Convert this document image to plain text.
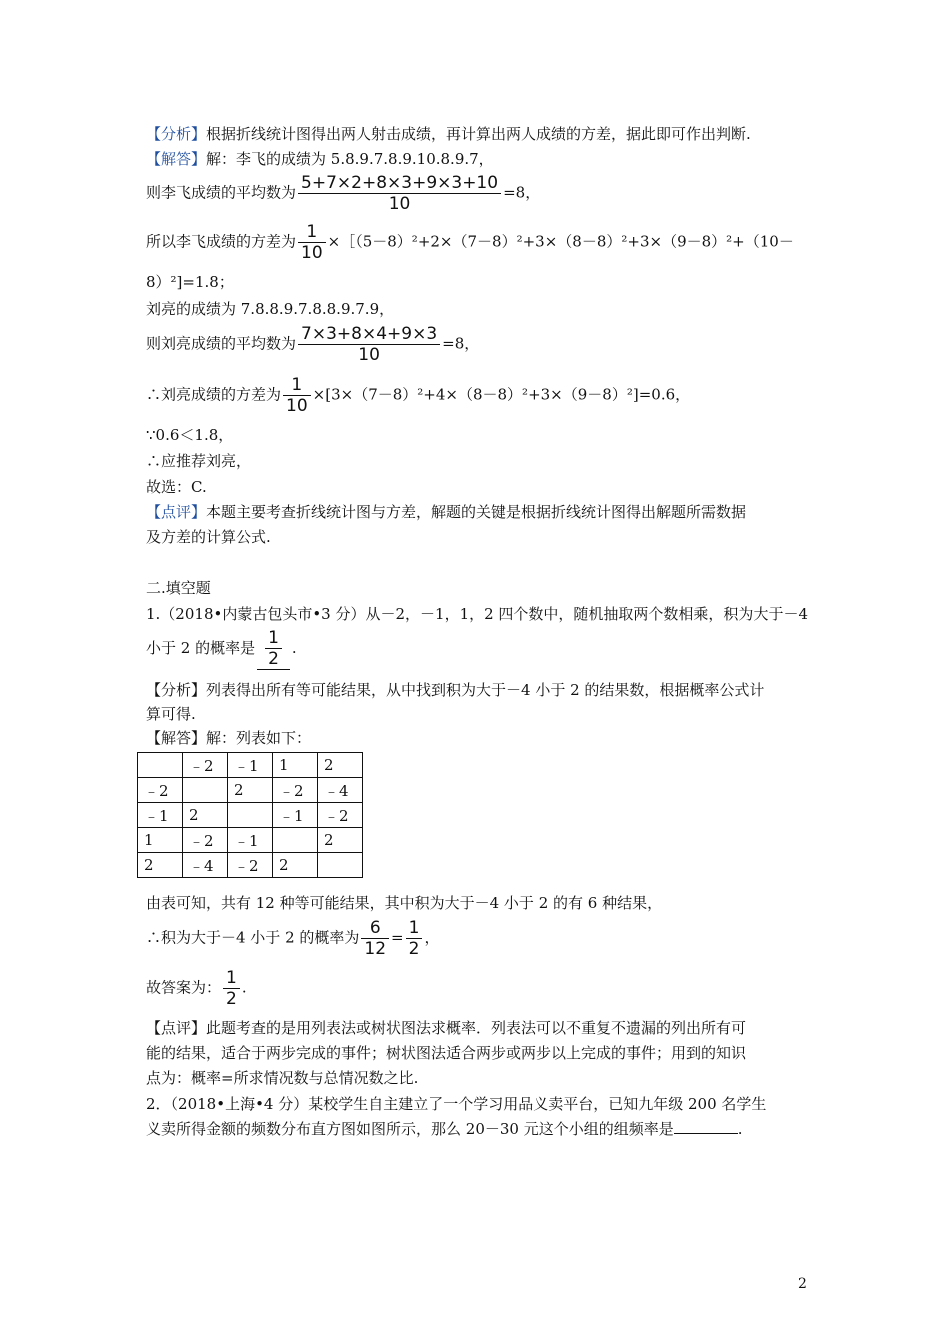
【分析】根据折线统计图得出两人射击成绩，再计算出两人成绩的方差，据此即可作出判断.
【解答】解：李飞的成绩为 5.8.9.7.8.9.10.8.9.7，
则李飞成绩的平均数为 $\frac{5+7\times 2+8\times 3+9\times 3+10}{10} =8$，
所以李飞成绩的方差为 $\frac{1}{10}$ ×［（5－8）²+2×（7－8）²+3×（8－8）²+3×（9－8）²+（10－
8）²]=1.8；
刘亮的成绩为 7.8.8.9.7.8.8.9.7.9，
则刘亮成绩的平均数为 $\frac{7\times 3+8\times 4+9\times 3}{10} =8$，
∴刘亮成绩的方差为 $\frac{1}{10} \times[3\times(7-8)^2+4\times(8-8)^2+3\times(9-8)^2]=0.6$，
∵0.6＜1.8，
∴应推荐刘亮，
故选：C.
【点评】本题主要考查折线统计图与方差，解题的关键是根据折线统计图得出解题所需数据
及方差的计算公式.
二.填空题
1.（2018•内蒙古包头市•3 分）从－2，－1，1，2 四个数中，随机抽取两个数相乘，积为大于－4
小于 2 的概率是 $\frac{1}{2}$ .
【分析】列表得出所有等可能结果，从中找到积为大于－4 小于 2 的结果数，根据概率公式计
算可得.
【解答】解：列表如下：
	﹣2	﹣1	1	2
﹣2		2	﹣2	﹣4
﹣1	2		﹣1	﹣2
1	﹣2	﹣1		2
2	﹣4	﹣2	2	
由表可知，共有 12 种等可能结果，其中积为大于－4 小于 2 的有 6 种结果，
∴积为大于－4 小于 2 的概率为 $\frac{6}{12} = \frac{1}{2}$ ，
故答案为： $\frac{1}{2}$ .
【点评】此题考查的是用列表法或树状图法求概率．列表法可以不重复不遗漏的列出所有可
能的结果，适合于两步完成的事件；树状图法适合两步或两步以上完成的事件；用到的知识
点为：概率=所求情况数与总情况数之比.
2．（2018•上海•4 分）某校学生自主建立了一个学习用品义卖平台，已知九年级 200 名学生
义卖所得金额的频数分布直方图如图所示，那么 20－30 元这个小组的组频率是	.
2
